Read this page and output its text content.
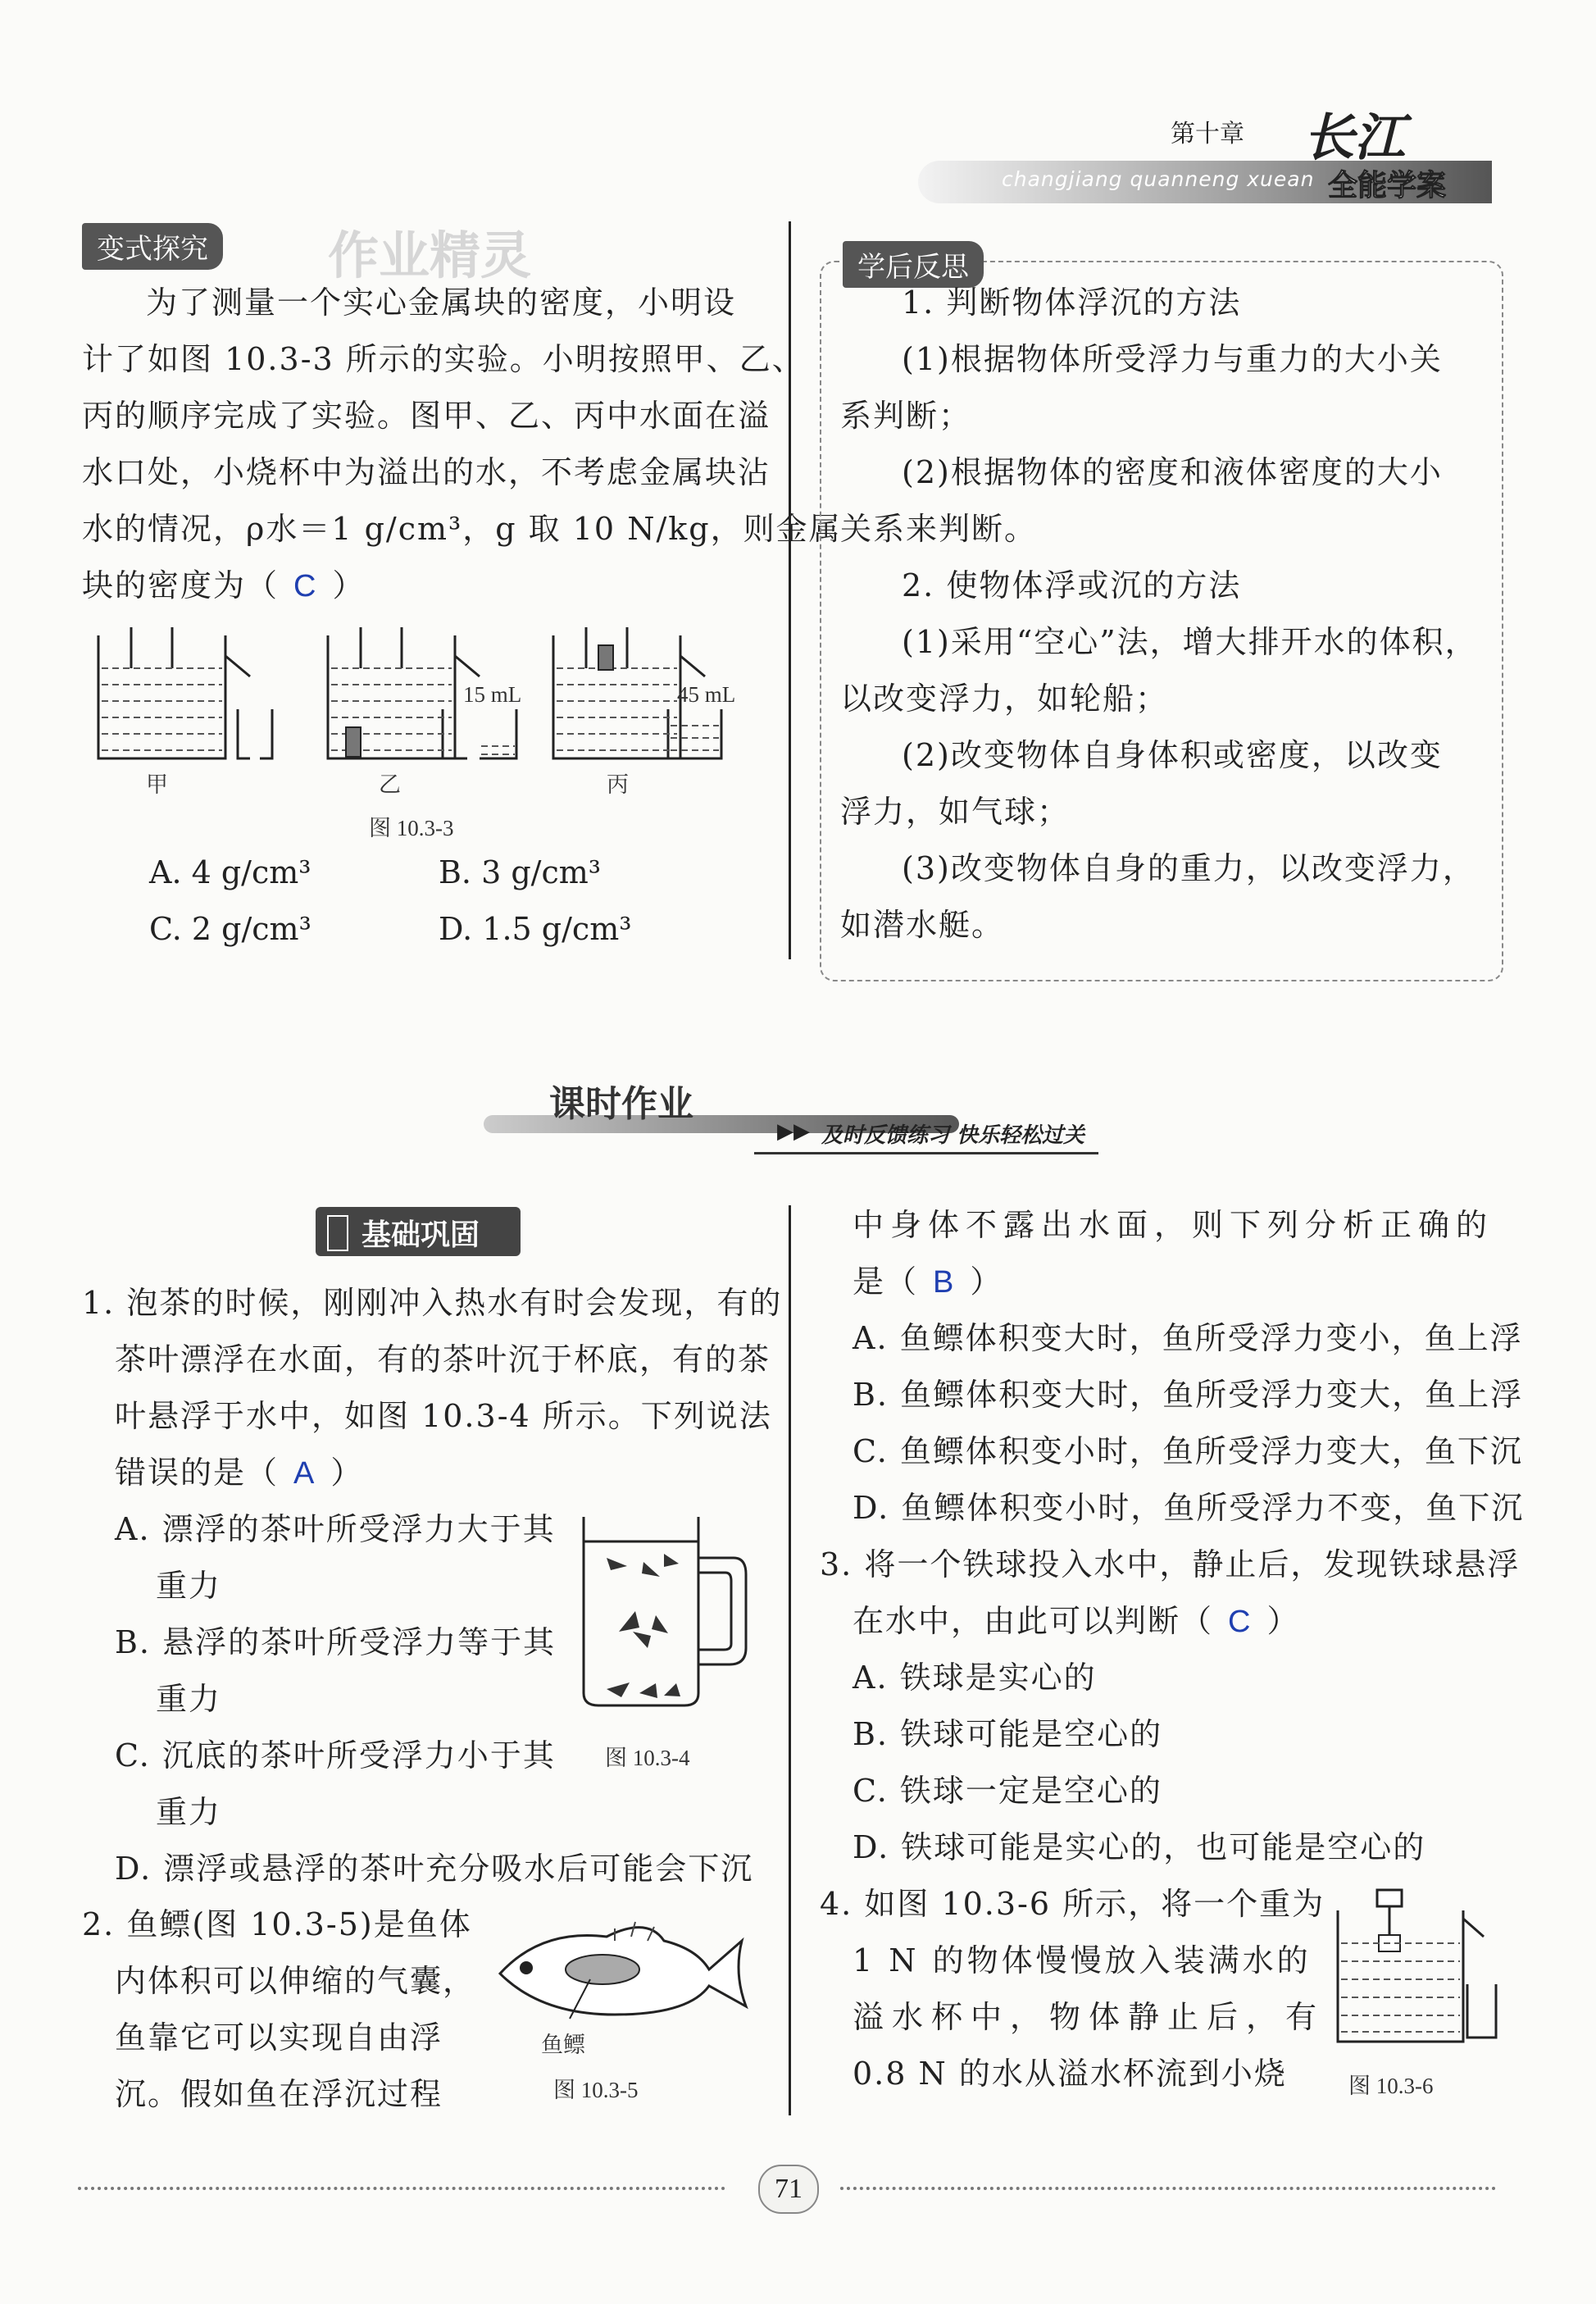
第十章
changjiang quanneng xuean
长江
全能学案
变式探究 作业精灵
为了测量一个实心金属块的密度，小明设
计了如图 10.3-3 所示的实验。小明按照甲、乙、
丙的顺序完成了实验。图甲、乙、丙中水面在溢
水口处，小烧杯中为溢出的水，不考虑金属块沾
水的情况，ρ水＝1 g/cm³，g 取 10 N/kg，则金属
块的密度为（ C ）
甲	乙	丙
15 mL	45 mL
图 10.3-3
A. 4 g/cm³	B. 3 g/cm³
C. 2 g/cm³	D. 1.5 g/cm³
学后反思
1. 判断物体浮沉的方法
(1)根据物体所受浮力与重力的大小关
系判断；
(2)根据物体的密度和液体密度的大小
关系来判断。
2. 使物体浮或沉的方法
(1)采用“空心”法，增大排开水的体积，
以改变浮力，如轮船；
(2)改变物体自身体积或密度，以改变
浮力，如气球；
(3)改变物体自身的重力，以改变浮力，
如潜水艇。
课时作业
▶▶ 及时反馈练习 快乐轻松过关
基础巩固
1. 泡茶的时候，刚刚冲入热水有时会发现，有的
茶叶漂浮在水面，有的茶叶沉于杯底，有的茶
叶悬浮于水中，如图 10.3-4 所示。下列说法
错误的是（ A ）
A. 漂浮的茶叶所受浮力大于其
重力
B. 悬浮的茶叶所受浮力等于其
重力
C. 沉底的茶叶所受浮力小于其
重力
D. 漂浮或悬浮的茶叶充分吸水后可能会下沉
图 10.3-4
2. 鱼鳔(图 10.3-5)是鱼体
内体积可以伸缩的气囊，
鱼靠它可以实现自由浮
沉。假如鱼在浮沉过程
鱼鳔
图 10.3-5
中身体不露出水面，则下列分析正确的
是（ B ）
A. 鱼鳔体积变大时，鱼所受浮力变小，鱼上浮
B. 鱼鳔体积变大时，鱼所受浮力变大，鱼上浮
C. 鱼鳔体积变小时，鱼所受浮力变大，鱼下沉
D. 鱼鳔体积变小时，鱼所受浮力不变，鱼下沉
3. 将一个铁球投入水中，静止后，发现铁球悬浮
在水中，由此可以判断（ C ）
A. 铁球是实心的
B. 铁球可能是空心的
C. 铁球一定是空心的
D. 铁球可能是实心的，也可能是空心的
4. 如图 10.3-6 所示，将一个重为
1 N 的物体慢慢放入装满水的
溢水杯中，物体静止后，有
0.8 N 的水从溢水杯流到小烧	图 10.3-6
71
